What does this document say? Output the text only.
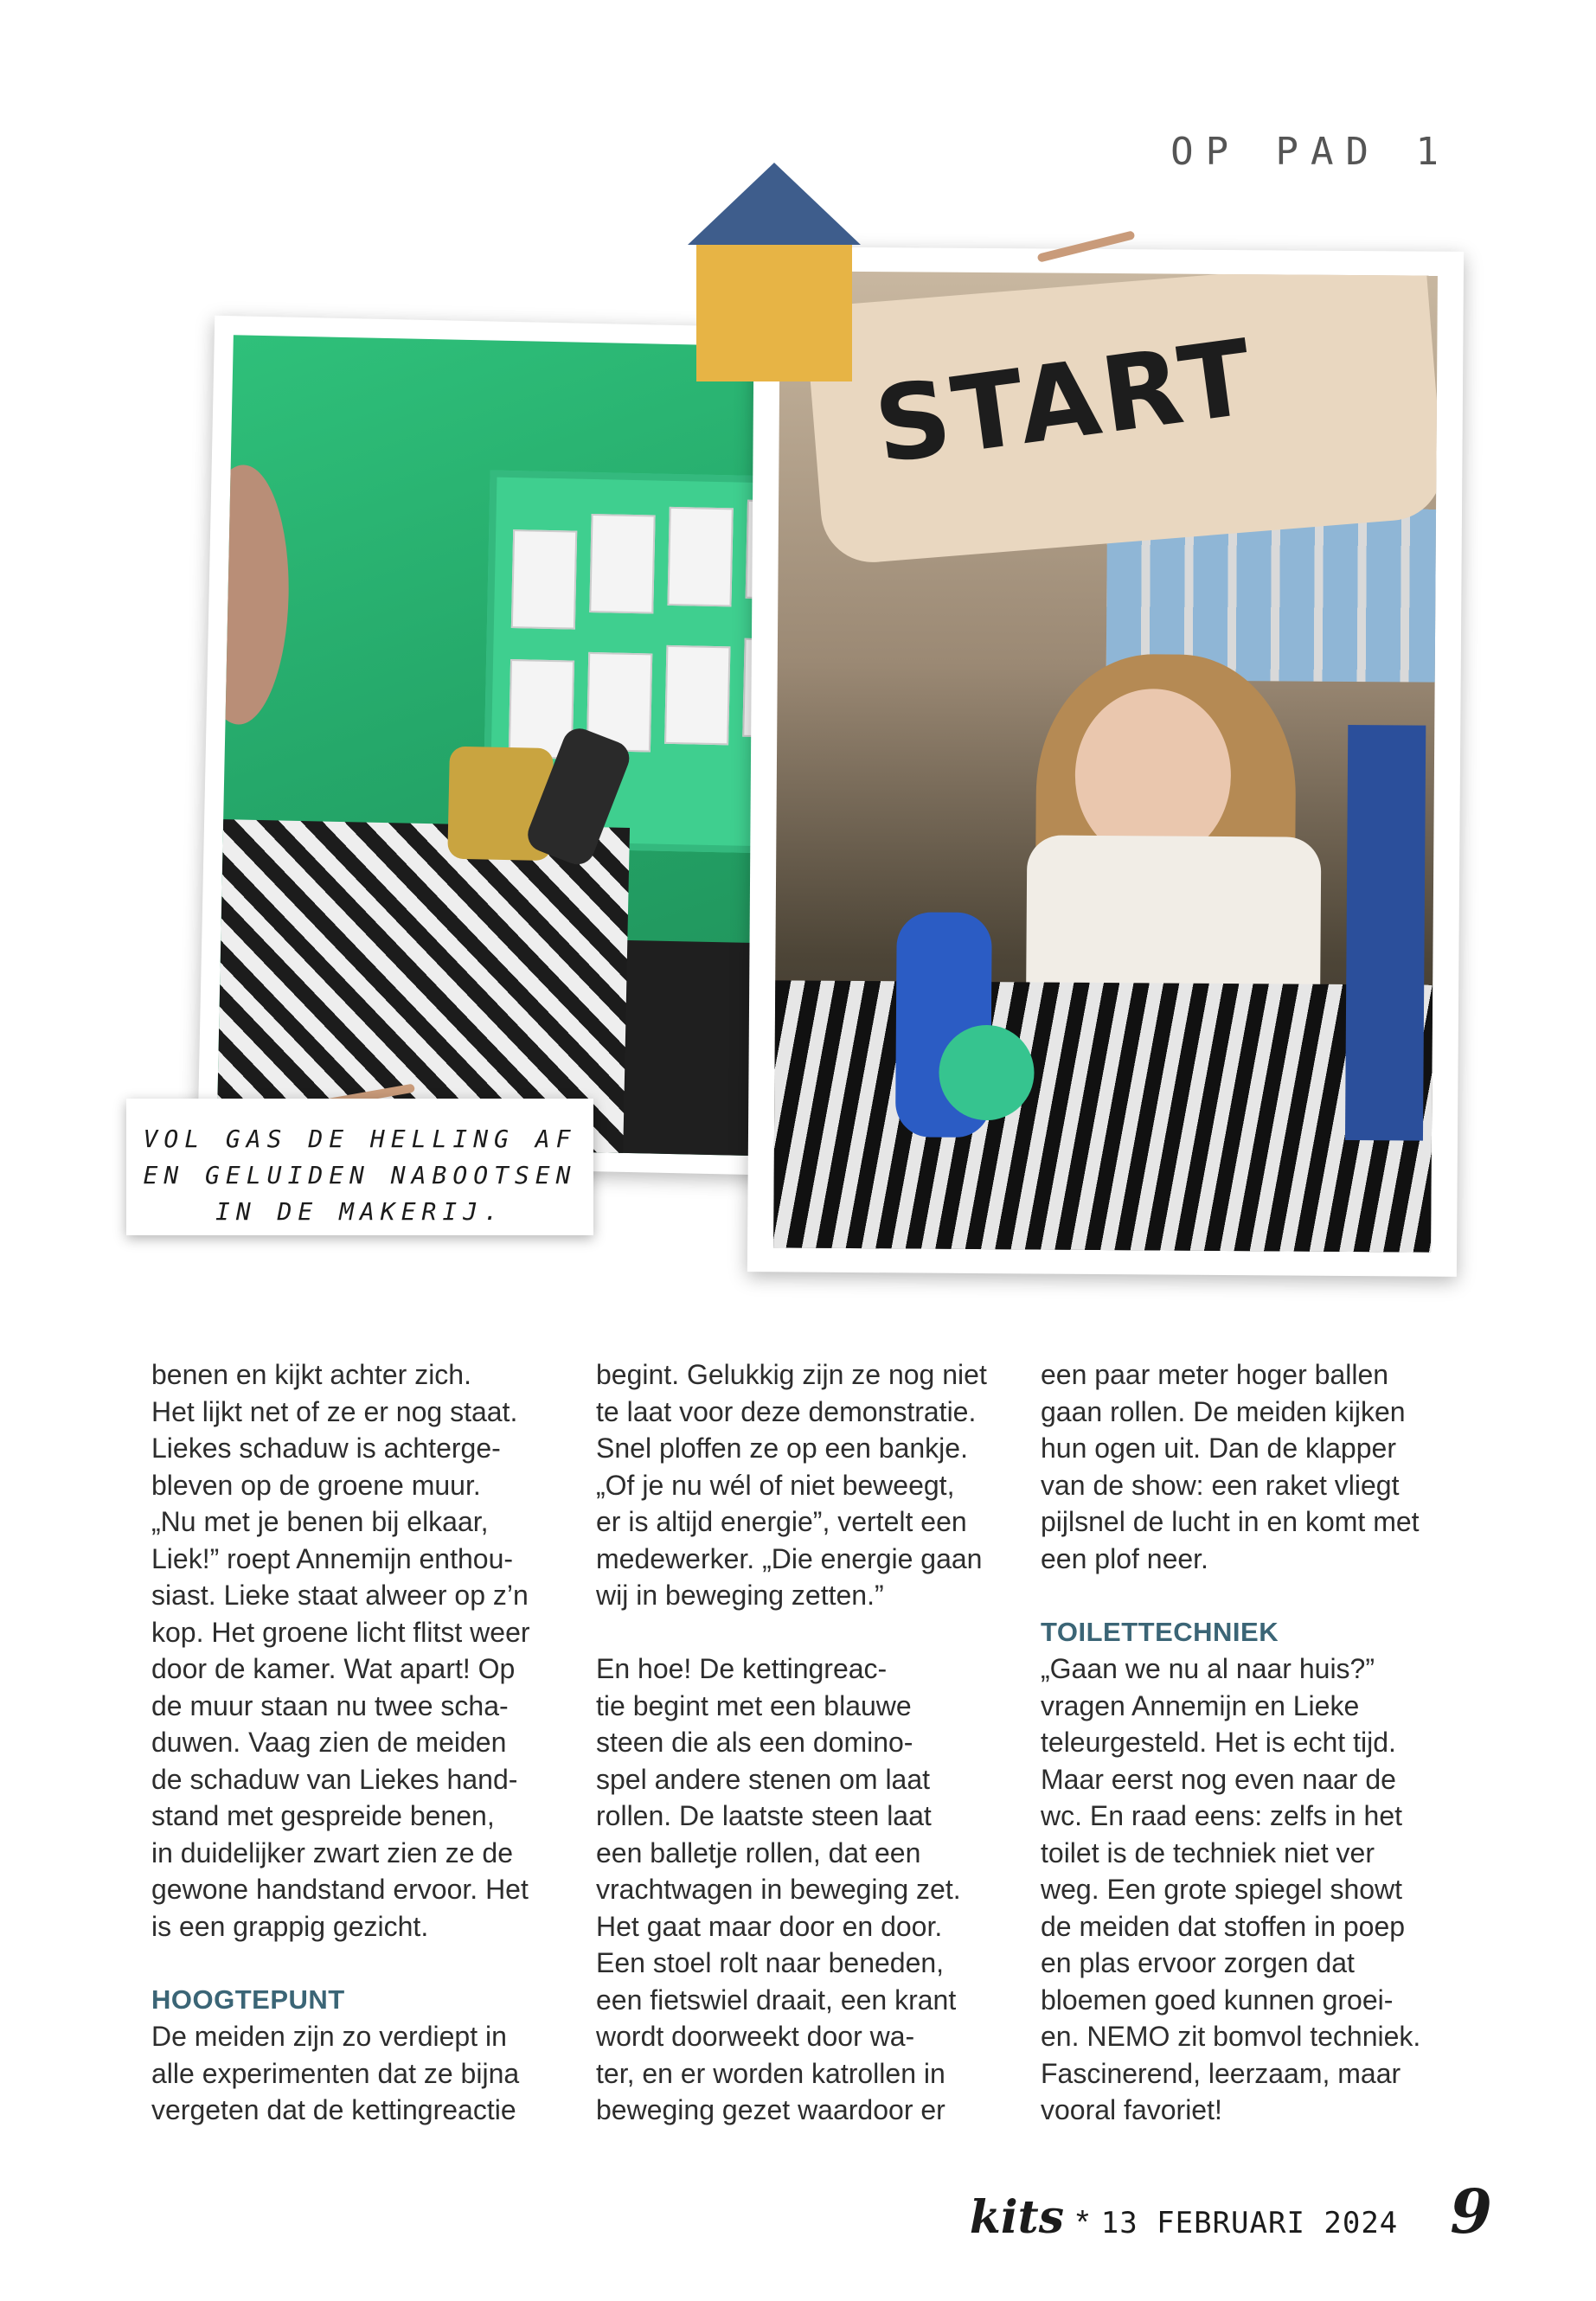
OP PAD 1
START
VOL GAS DE HELLING AF
EN GELUIDEN NABOOTSEN
IN DE MAKERIJ.

benen en kijkt achter zich.

Het lijkt net of ze er nog staat.

Liekes schaduw is achterge-

bleven op de groene muur.

„Nu met je benen bij elkaar,

Liek!” roept Annemijn enthou-

siast. Lieke staat alweer op z’n

kop. Het groene licht flitst weer

door de kamer. Wat apart! Op

de muur staan nu twee scha-

duwen. Vaag zien de meiden

de schaduw van Liekes hand-

stand met gespreide benen,

in duidelijker zwart zien ze de

gewone handstand ervoor. Het

is een grappig gezicht.

HOOGTEPUNT

De meiden zijn zo verdiept in

alle experimenten dat ze bijna

vergeten dat de kettingreactie

begint. Gelukkig zijn ze nog niet

te laat voor deze demonstratie.

Snel ploffen ze op een bankje.

„Of je nu wél of niet beweegt,

er is altijd energie”, vertelt een

medewerker. „Die energie gaan

wij in beweging zetten.”

En hoe! De kettingreac-

tie begint met een blauwe

steen die als een domino-

spel andere stenen om laat

rollen. De laatste steen laat

een balletje rollen, dat een

vrachtwagen in beweging zet.

Het gaat maar door en door.

Een stoel rolt naar beneden,

een fietswiel draait, een krant

wordt doorweekt door wa-

ter, en er worden katrollen in

beweging gezet waardoor er

een paar meter hoger ballen

gaan rollen. De meiden kijken

hun ogen uit. Dan de klapper

van de show: een raket vliegt

pijlsnel de lucht in en komt met

een plof neer.

TOILETTECHNIEK

„Gaan we nu al naar huis?”

vragen Annemijn en Lieke

teleurgesteld. Het is echt tijd.

Maar eerst nog even naar de

wc. En raad eens: zelfs in het

toilet is de techniek niet ver

weg. Een grote spiegel showt

de meiden dat stoffen in poep

en plas ervoor zorgen dat

bloemen goed kunnen groei-

en. NEMO zit bomvol techniek.

Fascinerend, leerzaam, maar

vooral favoriet!

kits * 13 FEBRUARI 2024 9
